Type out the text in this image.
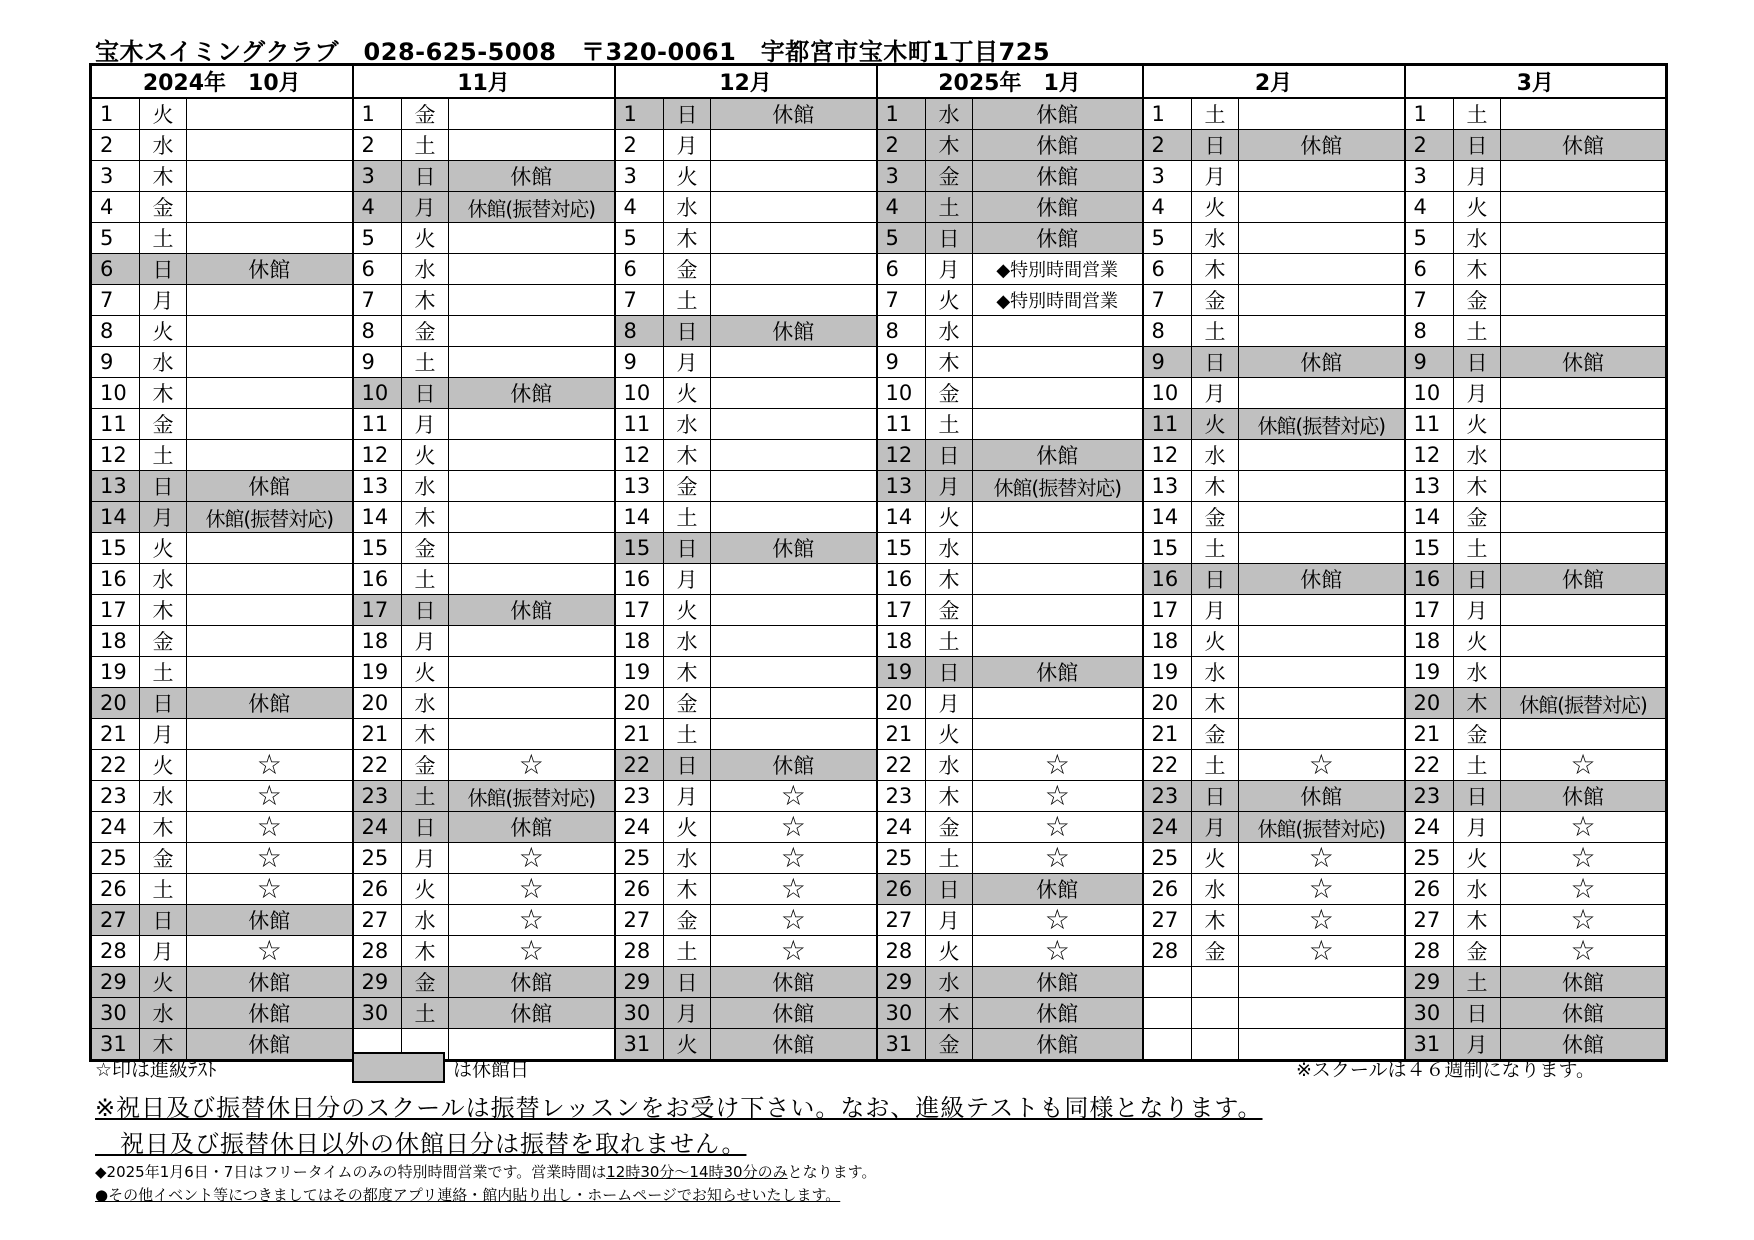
宝木スイミングクラブ　028-625-5008　〒320-0061　宇都宮市宝木町1丁目725
2024年　10月			11月			12月			2025年　1月			2月			3月		
1	火		1	金		1	日	休館	1	水	休館	1	土		1	土	
2	水		2	土		2	月		2	木	休館	2	日	休館	2	日	休館
3	木		3	日	休館	3	火		3	金	休館	3	月		3	月	
4	金		4	月	休館(振替対応)	4	水		4	土	休館	4	火		4	火	
5	土		5	火		5	木		5	日	休館	5	水		5	水	
6	日	休館	6	水		6	金		6	月	◆特別時間営業	6	木		6	木	
7	月		7	木		7	土		7	火	◆特別時間営業	7	金		7	金	
8	火		8	金		8	日	休館	8	水		8	土		8	土	
9	水		9	土		9	月		9	木		9	日	休館	9	日	休館
10	木		10	日	休館	10	火		10	金		10	月		10	月	
11	金		11	月		11	水		11	土		11	火	休館(振替対応)	11	火	
12	土		12	火		12	木		12	日	休館	12	水		12	水	
13	日	休館	13	水		13	金		13	月	休館(振替対応)	13	木		13	木	
14	月	休館(振替対応)	14	木		14	土		14	火		14	金		14	金	
15	火		15	金		15	日	休館	15	水		15	土		15	土	
16	水		16	土		16	月		16	木		16	日	休館	16	日	休館
17	木		17	日	休館	17	火		17	金		17	月		17	月	
18	金		18	月		18	水		18	土		18	火		18	火	
19	土		19	火		19	木		19	日	休館	19	水		19	水	
20	日	休館	20	水		20	金		20	月		20	木		20	木	休館(振替対応)
21	月		21	木		21	土		21	火		21	金		21	金	
22	火	☆	22	金	☆	22	日	休館	22	水	☆	22	土	☆	22	土	☆
23	水	☆	23	土	休館(振替対応)	23	月	☆	23	木	☆	23	日	休館	23	日	休館
24	木	☆	24	日	休館	24	火	☆	24	金	☆	24	月	休館(振替対応)	24	月	☆
25	金	☆	25	月	☆	25	水	☆	25	土	☆	25	火	☆	25	火	☆
26	土	☆	26	火	☆	26	木	☆	26	日	休館	26	水	☆	26	水	☆
27	日	休館	27	水	☆	27	金	☆	27	月	☆	27	木	☆	27	木	☆
28	月	☆	28	木	☆	28	土	☆	28	火	☆	28	金	☆	28	金	☆
29	火	休館	29	金	休館	29	日	休館	29	水	休館				29	土	休館
30	水	休館	30	土	休館	30	月	休館	30	木	休館				30	日	休館
31	木	休館				31	火	休館	31	金	休館				31	月	休館
☆印は進級ﾃｽﾄ	は休館日	※スクールは４６週制になります。
※祝日及び振替休日分のスクールは振替レッスンをお受け下さい。なお、進級テストも同様となります。
　祝日及び振替休日以外の休館日分は振替を取れません。
◆2025年1月6日・7日はフリータイムのみの特別時間営業です。営業時間は12時30分～14時30分のみとなります。
●その他イベント等につきましてはその都度アプリ連絡・館内貼り出し・ホームページでお知らせいたします。
